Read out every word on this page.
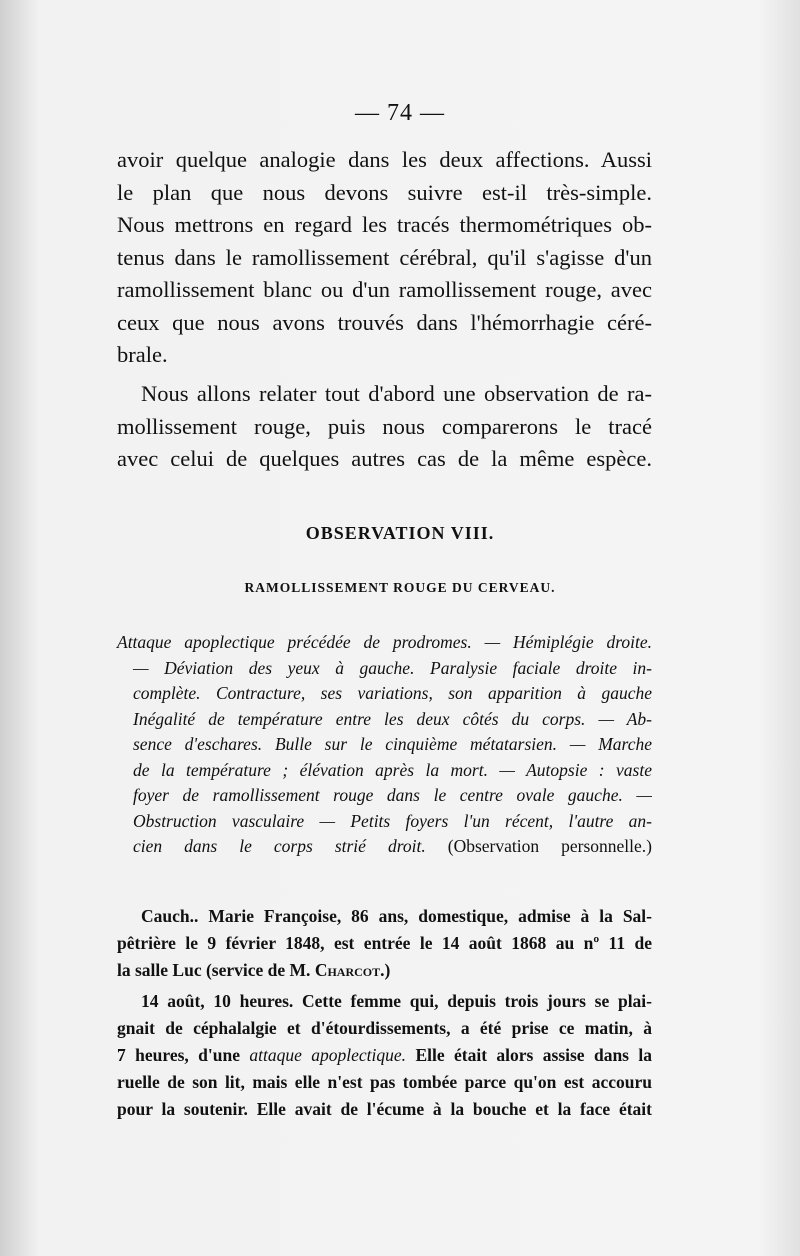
— 74 —
avoir quelque analogie dans les deux affections. Aussi
le plan que nous devons suivre est-il très-simple.
Nous mettrons en regard les tracés thermométriques ob-
tenus dans le ramollissement cérébral, qu'il s'agisse d'un
ramollissement blanc ou d'un ramollissement rouge, avec
ceux que nous avons trouvés dans l'hémorrhagie céré-
brale.
Nous allons relater tout d'abord une observation de ra-
mollissement rouge, puis nous comparerons le tracé
avec celui de quelques autres cas de la même espèce.
OBSERVATION VIII.
RAMOLLISSEMENT ROUGE DU CERVEAU.
Attaque apoplectique précédée de prodromes. — Hémiplégie droite.
— Déviation des yeux à gauche. Paralysie faciale droite in-
complète. Contracture, ses variations, son apparition à gauche
Inégalité de température entre les deux côtés du corps. — Ab-
sence d'eschares. Bulle sur le cinquième métatarsien. — Marche
de la température ; élévation après la mort. — Autopsie : vaste
foyer de ramollissement rouge dans le centre ovale gauche. —
Obstruction vasculaire — Petits foyers l'un récent, l'autre an-
cien dans le corps strié droit. (Observation personnelle.)
Cauch.. Marie Françoise, 86 ans, domestique, admise à la Sal-
pêtrière le 9 février 1848, est entrée le 14 août 1868 au nº 11 de
la salle Luc (service de M. Charcot.)
14 août, 10 heures. Cette femme qui, depuis trois jours se plai-
gnait de céphalalgie et d'étourdissements, a été prise ce matin, à
7 heures, d'une attaque apoplectique. Elle était alors assise dans la
ruelle de son lit, mais elle n'est pas tombée parce qu'on est accouru
pour la soutenir. Elle avait de l'écume à la bouche et la face était
